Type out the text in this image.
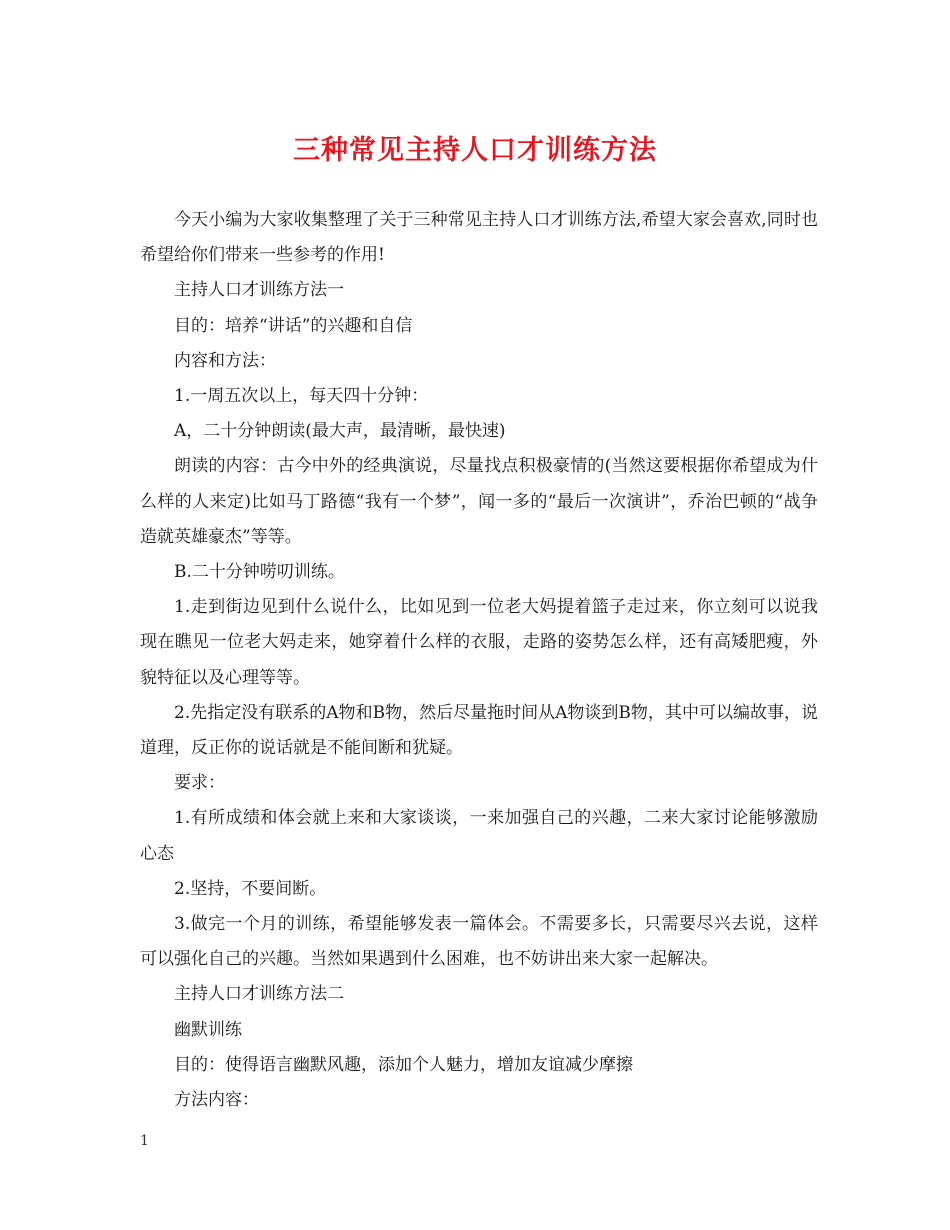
三种常见主持人口才训练方法

今天小编为大家收集整理了关于三种常见主持人口才训练方法,希望大家会喜欢,同时也希望给你们带来一些参考的作用!

主持人口才训练方法一

目的：培养“讲话”的兴趣和自信

内容和方法：

1.一周五次以上，每天四十分钟：

A，二十分钟朗读(最大声，最清晰，最快速)

朗读的内容：古今中外的经典演说，尽量找点积极豪情的(当然这要根据你希望成为什么样的人来定)比如马丁路德“我有一个梦”，闻一多的“最后一次演讲”，乔治巴顿的“战争造就英雄豪杰”等等。

B.二十分钟唠叨训练。

1.走到街边见到什么说什么，比如见到一位老大妈提着篮子走过来，你立刻可以说我现在瞧见一位老大妈走来，她穿着什么样的衣服，走路的姿势怎么样，还有高矮肥瘦，外貌特征以及心理等等。

2.先指定没有联系的A物和B物，然后尽量拖时间从A物谈到B物，其中可以编故事，说道理，反正你的说话就是不能间断和犹疑。

要求：

1.有所成绩和体会就上来和大家谈谈，一来加强自己的兴趣，二来大家讨论能够激励心态

2.坚持，不要间断。

3.做完一个月的训练，希望能够发表一篇体会。不需要多长，只需要尽兴去说，这样可以强化自己的兴趣。当然如果遇到什么困难，也不妨讲出来大家一起解决。

主持人口才训练方法二

幽默训练

目的：使得语言幽默风趣，添加个人魅力，增加友谊减少摩擦

方法内容：

1
